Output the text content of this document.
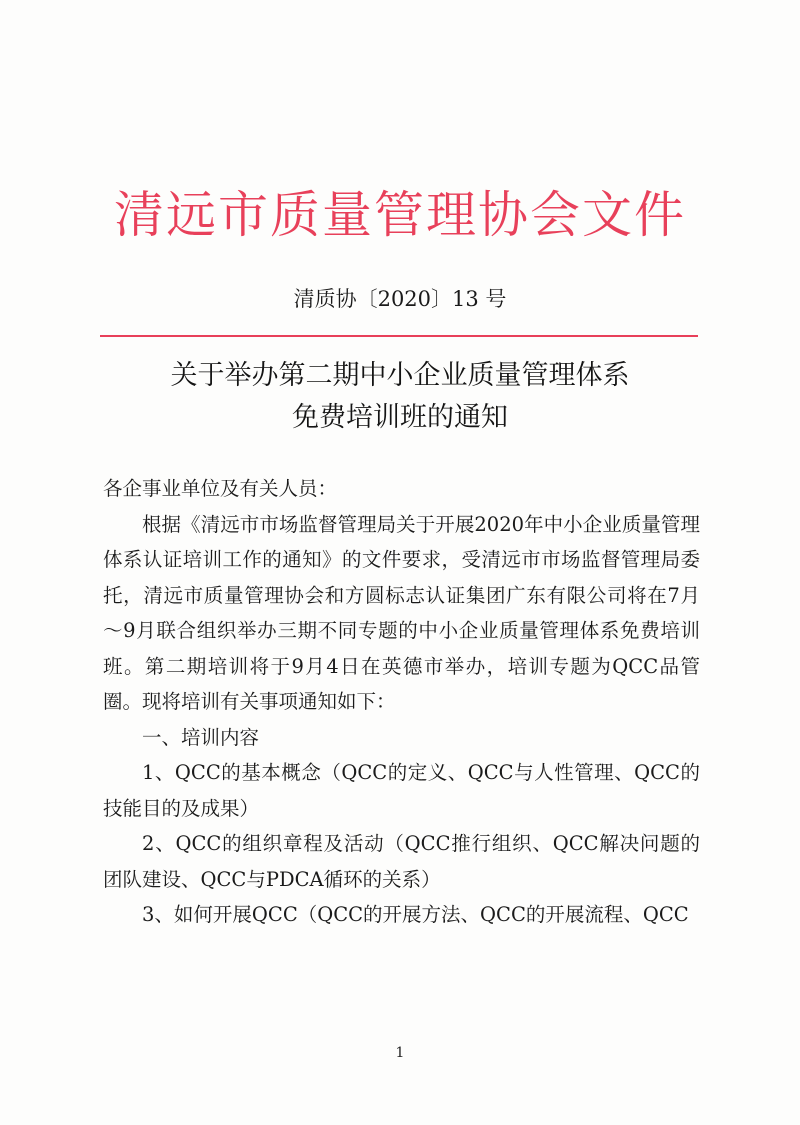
清远市质量管理协会文件
清质协〔2020〕13 号
关于举办第二期中小企业质量管理体系
免费培训班的通知

各企事业单位及有关人员：

根据《清远市市场监督管理局关于开展2020年中小企业质量管理体系认证培训工作的通知》的文件要求，受清远市市场监督管理局委托，清远市质量管理协会和方圆标志认证集团广东有限公司将在7月～9月联合组织举办三期不同专题的中小企业质量管理体系免费培训班。第二期培训将于9月4日在英德市举办，培训专题为QCC品管圈。现将培训有关事项通知如下：

一、培训内容

1、QCC的基本概念（QCC的定义、QCC与人性管理、QCC的技能目的及成果）

2、QCC的组织章程及活动（QCC推行组织、QCC解决问题的团队建设、QCC与PDCA循环的关系）

3、如何开展QCC（QCC的开展方法、QCC的开展流程、QCC

1
